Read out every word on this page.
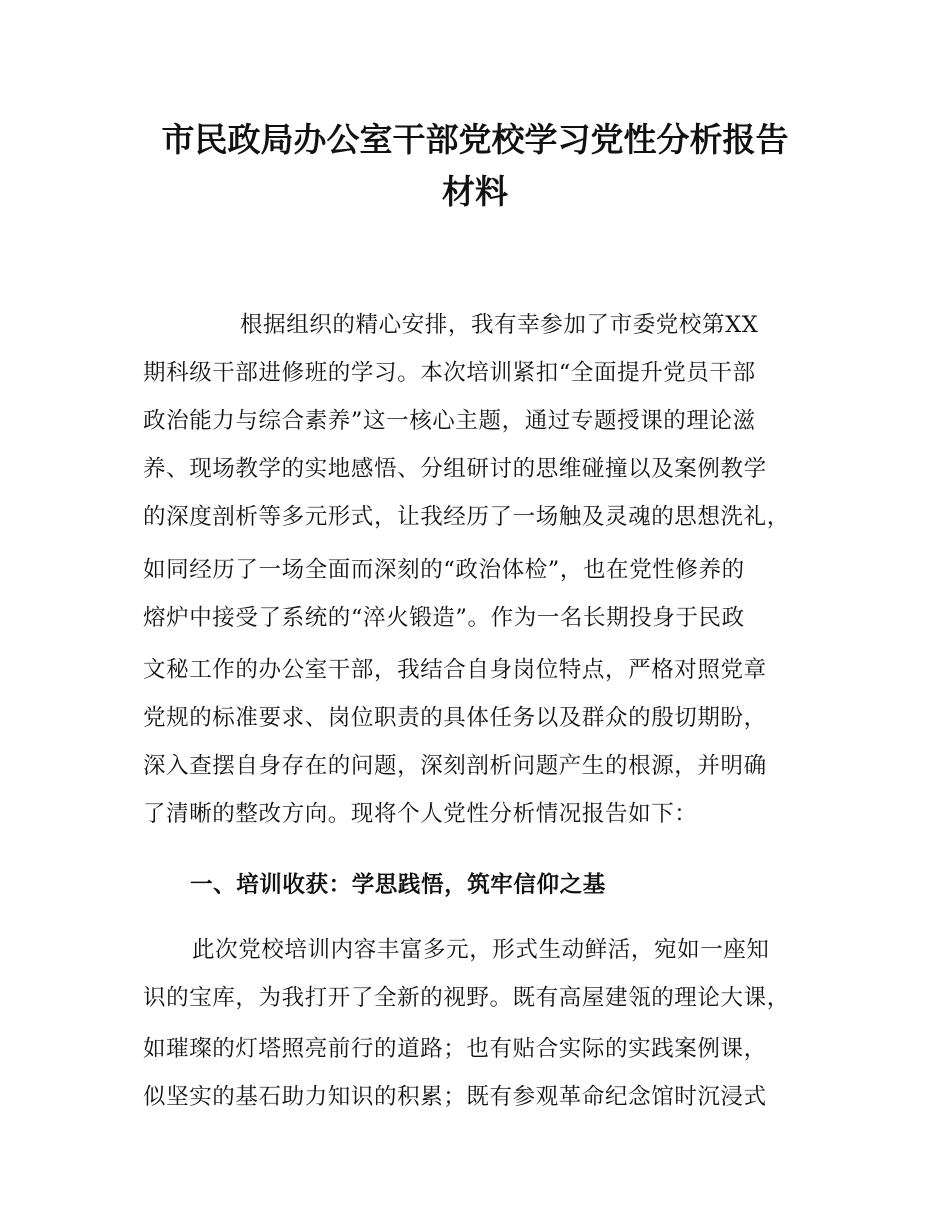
市民政局办公室干部党校学习党性分析报告
材料
根据组织的精心安排，我有幸参加了市委党校第XX
期科级干部进修班的学习。本次培训紧扣“全面提升党员干部
政治能力与综合素养”这一核心主题，通过专题授课的理论滋
养、现场教学的实地感悟、分组研讨的思维碰撞以及案例教学
的深度剖析等多元形式，让我经历了一场触及灵魂的思想洗礼，
如同经历了一场全面而深刻的“政治体检”，也在党性修养的
熔炉中接受了系统的“淬火锻造”。作为一名长期投身于民政
文秘工作的办公室干部，我结合自身岗位特点，严格对照党章
党规的标准要求、岗位职责的具体任务以及群众的殷切期盼，
深入查摆自身存在的问题，深刻剖析问题产生的根源，并明确
了清晰的整改方向。现将个人党性分析情况报告如下：
一、培训收获：学思践悟，筑牢信仰之基
此次党校培训内容丰富多元，形式生动鲜活，宛如一座知
识的宝库，为我打开了全新的视野。既有高屋建瓴的理论大课，
如璀璨的灯塔照亮前行的道路；也有贴合实际的实践案例课，
似坚实的基石助力知识的积累；既有参观革命纪念馆时沉浸式
